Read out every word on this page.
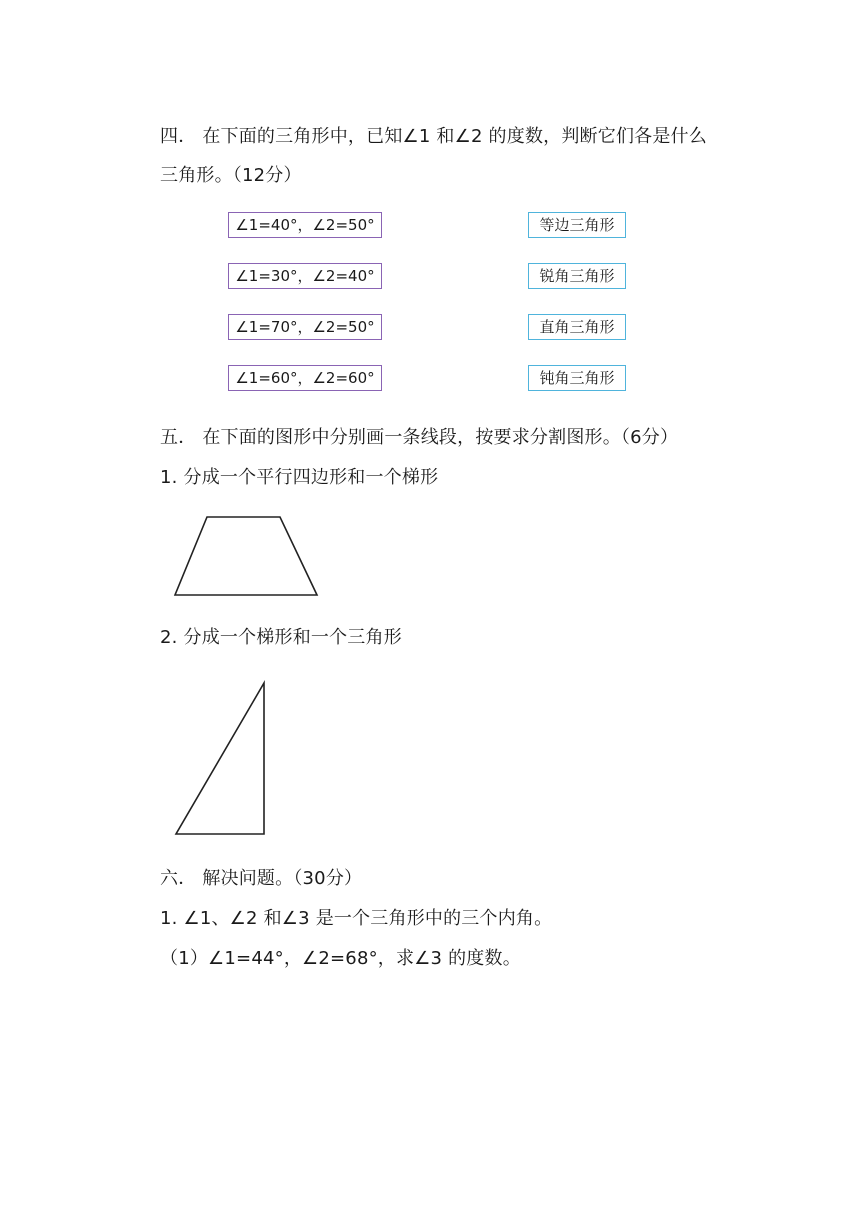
四． 在下面的三角形中，已知∠1 和∠2 的度数，判断它们各是什么
三角形。（12分）
∠1=40°，∠2=50°
∠1=30°，∠2=40°
∠1=70°，∠2=50°
∠1=60°，∠2=60°
等边三角形
锐角三角形
直角三角形
钝角三角形
五． 在下面的图形中分别画一条线段，按要求分割图形。（6分）
1. 分成一个平行四边形和一个梯形
2. 分成一个梯形和一个三角形
六． 解决问题。（30分）
1. ∠1、∠2 和∠3 是一个三角形中的三个内角。
（1）∠1=44°，∠2=68°，求∠3 的度数。
